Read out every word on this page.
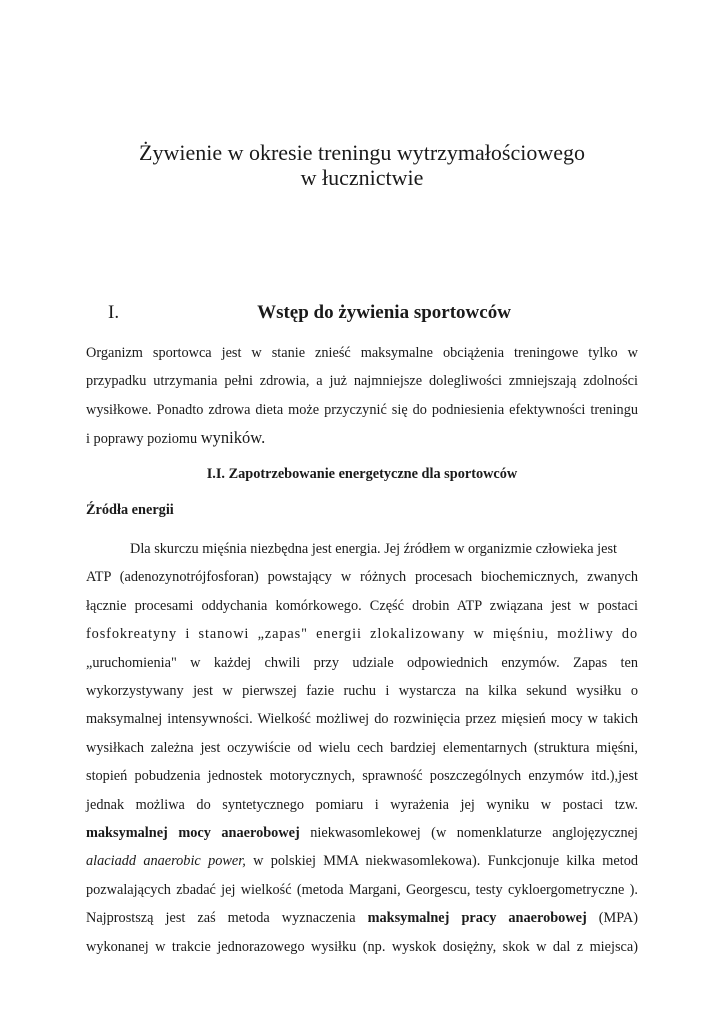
Żywienie w okresie treningu wytrzymałościowego
w łucznictwie
I.	Wstęp do żywienia sportowców
Organizm sportowca jest w stanie znieść maksymalne obciążenia treningowe tylko w
przypadku utrzymania pełni zdrowia, a już najmniejsze dolegliwości zmniejszają zdolności
wysiłkowe. Ponadto zdrowa dieta może przyczynić się do podniesienia efektywności treningu
i poprawy poziomu wyników.
I.I. Zapotrzebowanie energetyczne dla sportowców
Źródła energii
Dla skurczu mięśnia niezbędna jest energia. Jej źródłem w organizmie człowieka jest

ATP (adenozynotrójfosforan) powstający w różnych procesach biochemicznych, zwanych
łącznie procesami oddychania komórkowego. Część drobin ATP związana jest w postaci
fosfokreatyny i stanowi „zapas" energii zlokalizowany w mięśniu, możliwy do
„uruchomienia" w każdej chwili przy udziale odpowiednich enzymów. Zapas ten
wykorzystywany jest w pierwszej fazie ruchu i wystarcza na kilka sekund wysiłku o
maksymalnej intensywności. Wielkość możliwej do rozwinięcia przez mięsień mocy w takich
wysiłkach zależna jest oczywiście od wielu cech bardziej elementarnych (struktura mięśni,
stopień pobudzenia jednostek motorycznych, sprawność poszczególnych enzymów itd.),jest
jednak możliwa do syntetycznego pomiaru i wyrażenia jej wyniku w postaci tzw.
maksymalnej mocy anaerobowej niekwasomlekowej (w nomenklaturze anglojęzycznej
alaciadd anaerobic power, w polskiej MMA niekwasomlekowa). Funkcjonuje kilka metod
pozwalających zbadać jej wielkość (metoda Margani, Georgescu, testy cykloergometryczne ).
Najprostszą jest zaś metoda wyznaczenia maksymalnej pracy anaerobowej (MPA)
wykonanej w trakcie jednorazowego wysiłku (np. wyskok dosiężny, skok w dal z miejsca)
